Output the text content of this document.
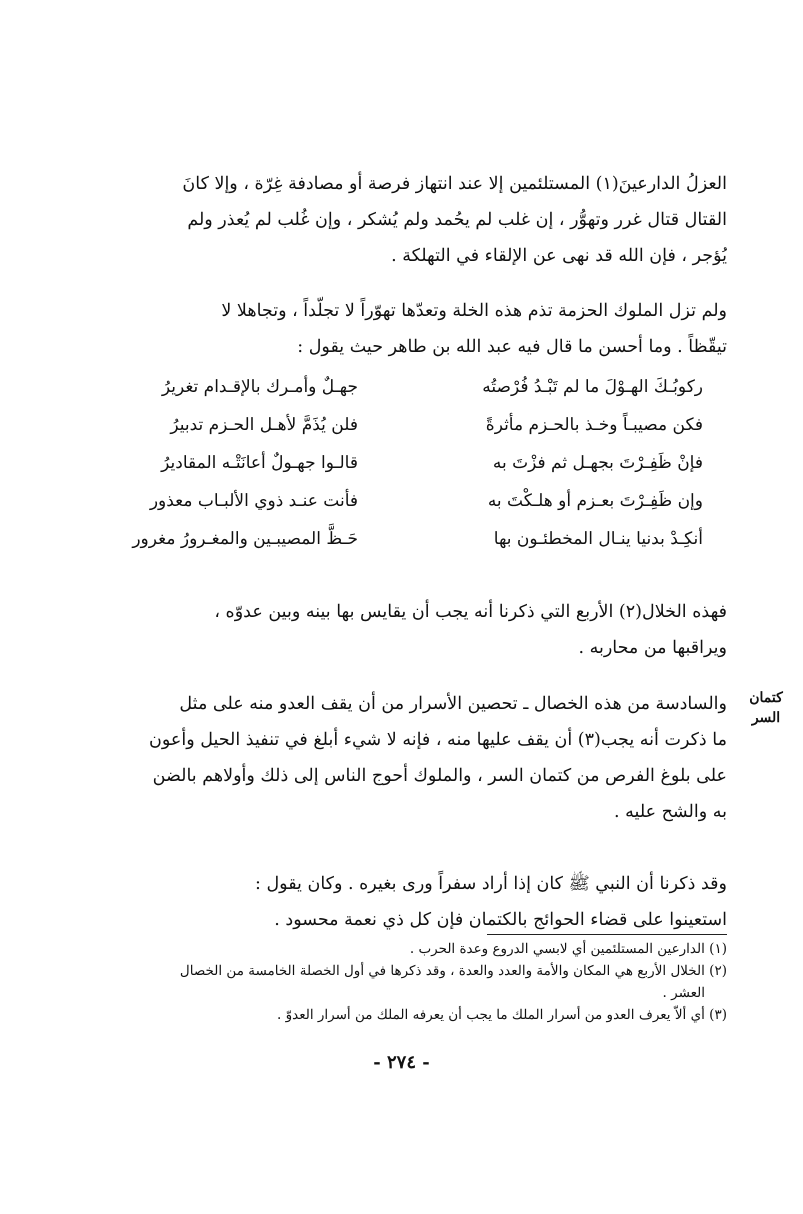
العزلُ الدارعينَ(١) المستلئمين إلا عند انتهاز فرصة أو مصادفة غِرّة ، وإلا كانَ
القتال قتال غرر وتهوُّر ، إن غلب لم يحُمد ولم يُشكر ، وإن غُلب لم يُعذر ولم
يُؤجر ، فإن الله قد نهى عن الإلقاء في التهلكة .

ولم تزل الملوك الحزمة تذم هذه الخلة وتعدّها تهوّراً لا تجلّداً ، وتجاهلا لا
تيقّظاً . وما أحسن ما قال فيه عبد الله بن طاهر حيث يقول :

ركوبُـكَ الهـوْلَ ما لم تَبْـدُ فُرْصتُه
جهـلٌ وأمـرك بالإقـدام تغريرُ
فكن مصيبـاً وخـذ بالحـزم مأثرةً
فلن يُذَمَّ لأهـل الحـزم تدبيرُ
فإنْ ظَفِـرْتَ بجهـل ثم فزْتَ به
قالـوا جهـولٌ أعانَتْـه المقاديرُ
وإن ظَفِـرْتَ بعـزم أو هلـكْتَ به
فأنت عنـد ذوي الألبـاب معذور
أنكِـدْ بدنيا ينـال المخطئـون بها
حَـظَّ المصيبـين والمغـرورُ مغرور

فهذه الخلال(٢) الأربع التي ذكرنا أنه يجب أن يقايس بها بينه وبين عدوّه ،
ويراقبها من محاربه .

كتمان
السر

والسادسة من هذه الخصال ـ تحصين الأسرار من أن يقف العدو منه على مثل
ما ذكرت أنه يجب(٣) أن يقف عليها منه ، فإنه لا شيء أبلغ في تنفيذ الحيل وأعون
على بلوغ الفرص من كتمان السر ، والملوك أحوج الناس إلى ذلك وأولاهم بالضن
به والشح عليه .

وقد ذكرنا أن النبي ﷺ كان إذا أراد سفراً ورى بغيره . وكان يقول :
استعينوا على قضاء الحوائج بالكتمان فإن كل ذي نعمة محسود .

(١) الدارعين المستلئمين أي لابسي الدروع وعدة الحرب .
(٢) الخلال الأربع هي المكان والأمة والعدد والعدة ، وقد ذكرها في أول الخصلة الخامسة من الخصال
العشر .
(٣) أي ألاّ يعرف العدو من أسرار الملك ما يجب أن يعرفه الملك من أسرار العدوّ .
- ٢٧٤ -
